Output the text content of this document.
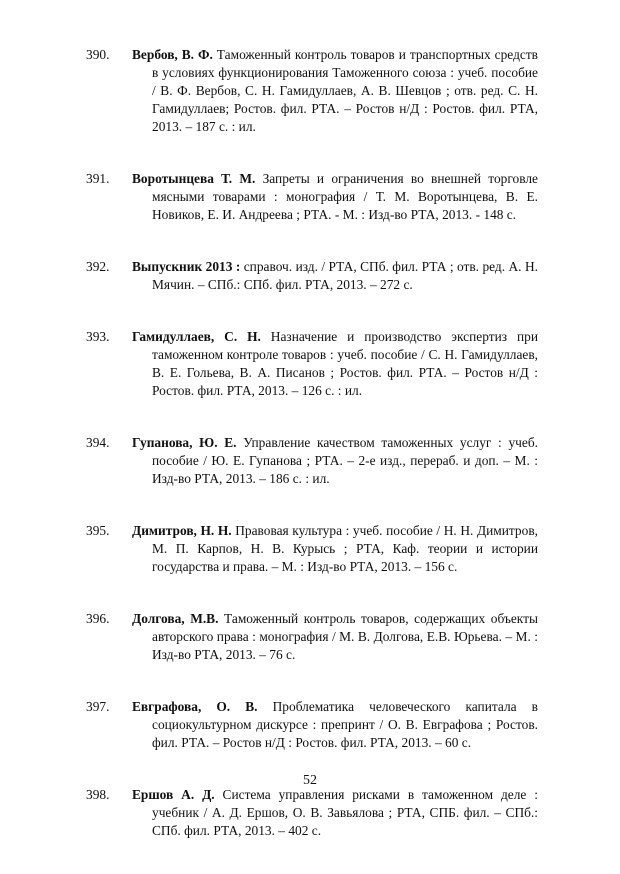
390. Вербов, В. Ф. Таможенный контроль товаров и транспортных средств в условиях функционирования Таможенного союза : учеб. пособие / В. Ф. Вербов, С. Н. Гамидуллаев, А. В. Шевцов ; отв. ред. С. Н. Гамидуллаев; Ростов. фил. РТА. – Ростов н/Д : Ростов. фил. РТА, 2013. – 187 с. : ил.
391. Воротынцева Т. М. Запреты и ограничения во внешней торговле мясными товарами : монография / Т. М. Воротынцева, В. Е. Новиков, Е. И. Андреева ; РТА. - М. : Изд-во РТА, 2013. - 148 с.
392. Выпускник 2013 : справоч. изд. / РТА, СПб. фил. РТА ; отв. ред. А. Н. Мячин. – СПб.: СПб. фил. РТА, 2013. – 272 с.
393. Гамидуллаев, С. Н. Назначение и производство экспертиз при таможенном контроле товаров : учеб. пособие / С. Н. Гамидуллаев, В. Е. Гольева, В. А. Писанов ; Ростов. фил. РТА. – Ростов н/Д : Ростов. фил. РТА, 2013. – 126 с. : ил.
394. Гупанова, Ю. Е. Управление качеством таможенных услуг : учеб. пособие / Ю. Е. Гупанова ; РТА. – 2-е изд., перераб. и доп. – М. : Изд-во РТА, 2013. – 186 с. : ил.
395. Димитров, Н. Н. Правовая культура : учеб. пособие / Н. Н. Димитров, М. П. Карпов, Н. В. Курысь ; РТА, Каф. теории и истории государства и права. – М. : Изд-во РТА, 2013. – 156 с.
396. Долгова, М.В. Таможенный контроль товаров, содержащих объекты авторского права : монография / М. В. Долгова, Е.В. Юрьева. – М. : Изд-во РТА, 2013. – 76 с.
397. Евграфова, О. В. Проблематика человеческого капитала в социокультурном дискурсе : препринт / О. В. Евграфова ; Ростов. фил. РТА. – Ростов н/Д : Ростов. фил. РТА, 2013. – 60 с.
398. Ершов А. Д. Система управления рисками в таможенном деле : учебник / А. Д. Ершов, О. В. Завьялова ; РТА, СПБ. фил. – СПб.: СПб. фил. РТА, 2013. – 402 с.
52
